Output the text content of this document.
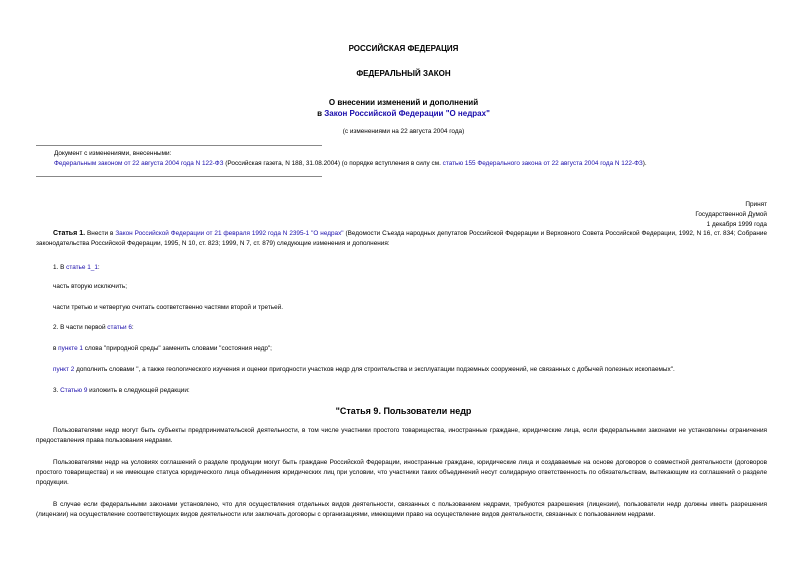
РОССИЙСКАЯ ФЕДЕРАЦИЯ
ФЕДЕРАЛЬНЫЙ ЗАКОН
О внесении изменений и дополнений
в Закон Российской Федерации "О недрах"
(с изменениями на 22 августа 2004 года)
Документ с изменениями, внесенными:
Федеральным законом от 22 августа 2004 года N 122-ФЗ (Российская газета, N 188, 31.08.2004) (о порядке вступления в силу см. статью 155 Федерального закона от 22 августа 2004 года N 122-ФЗ).
Принят
Государственной Думой
1 декабря 1999 года
Статья 1. Внести в Закон Российской Федерации от 21 февраля 1992 года N 2395-1 "О недрах" (Ведомости Съезда народных депутатов Российской Федерации и Верховного Совета Российской Федерации, 1992, N 16, ст. 834; Собрание законодательства Российской Федерации, 1995, N 10, ст. 823; 1999, N 7, ст. 879) следующие изменения и дополнения:
1. В статье 1_1:
часть вторую исключить;
части третью и четвертую считать соответственно частями второй и третьей.
2. В части первой статьи 6:
в пункте 1 слова "природной среды" заменить словами "состояния недр";
пункт 2 дополнить словами ", а также геологического изучения и оценки пригодности участков недр для строительства и эксплуатации подземных сооружений, не связанных с добычей полезных ископаемых".
3. Статью 9 изложить в следующей редакции:
"Статья 9. Пользователи недр
Пользователями недр могут быть субъекты предпринимательской деятельности, в том числе участники простого товарищества, иностранные граждане, юридические лица, если федеральными законами не установлены ограничения предоставления права пользования недрами.
Пользователями недр на условиях соглашений о разделе продукции могут быть граждане Российской Федерации, иностранные граждане, юридические лица и создаваемые на основе договоров о совместной деятельности (договоров простого товарищества) и не имеющие статуса юридического лица объединения юридических лиц при условии, что участники таких объединений несут солидарную ответственность по обязательствам, вытекающим из соглашений о разделе продукции.
В случае если федеральными законами установлено, что для осуществления отдельных видов деятельности, связанных с пользованием недрами, требуются разрешения (лицензии), пользователи недр должны иметь разрешения (лицензии) на осуществление соответствующих видов деятельности или заключать договоры с организациями, имеющими право на осуществление видов деятельности, связанных с пользованием недрами.
